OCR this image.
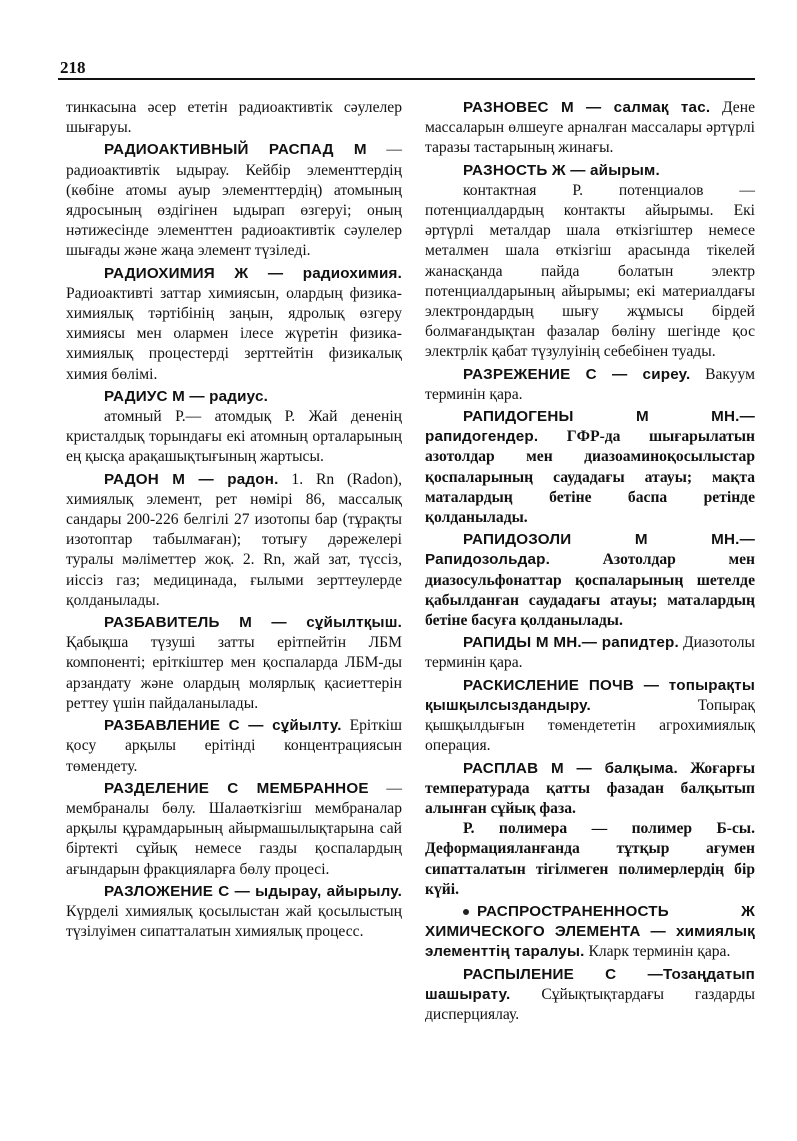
218

тинкасына әсер ететін радиоактивтік сәулелер шығаруы.

РАДИОАКТИВНЫЙ РАСПАД М — радиоактивтік ыдырау. Кейбір элементтердің (көбіне атомы ауыр элементтердің) атомының ядросының өздігінен ыдырап өзгеруі; оның нәтижесінде элементтен радиоактивтік сәулелер шығады және жаңа элемент түзіледі.

РАДИОХИМИЯ Ж — радиохимия. Радиоактивті заттар химиясын, олардың физика-химиялық тәртібінің заңын, ядролық өзгеру химиясы мен олармен ілесе жүретін физика-химиялық процестерді зерттейтін физикалық химия бөлімі.

РАДИУС М — радиус.

атомный Р.— атомдық Р. Жай дененің кристалдық торындағы екі атомның орталарының ең қысқа арақашықтығының жартысы.

РАДОН М — радон. 1. Rn (Radon), химиялық элемент, рет нөмірі 86, массалық сандары 200-226 белгілі 27 изотопы бар (тұрақты изотоптар табылмаған); тотығу дәрежелері туралы мәліметтер жоқ. 2. Rn, жай зат, түссіз, иіссіз газ; медицинада, ғылыми зерттеулерде қолданылады.

РАЗБАВИТЕЛЬ М — сұйылтқыш. Қабықша түзуші затты ерітпейтін ЛБМ компоненті; еріткіштер мен қоспаларда ЛБМ-ды арзандату және олардың молярлық қасиеттерін реттеу үшін пайдаланылады.

РАЗБАВЛЕНИЕ С — сұйылту. Еріткіш қосу арқылы ерітінді концентрациясын төмендету.

РАЗДЕЛЕНИЕ С МЕМБРАННОЕ — мембраналы бөлу. Шалаөткізгіш мембраналар арқылы құрамдарының айырмашылықтарына сай біртекті сұйық немесе газды қоспалардың ағындарын фракцияларға бөлу процесі.

РАЗЛОЖЕНИЕ С — ыдырау, айырылу. Күрделі химиялық қосылыстан жай қосылыстың түзілуімен сипатталатын химиялық процесс.

РАЗНОВЕС М — салмақ тас. Дене массаларын өлшеуге арналған массалары әртүрлі таразы тастарының жинағы.

РАЗНОСТЬ Ж — айырым.

контактная Р. потенциалов — потенциалдардың контакты айырымы. Екі әртүрлі металдар шала өткізгіштер немесе металмен шала өткізгіш арасында тікелей жанасқанда пайда болатын электр потенциалдарының айырымы; екі материалдағы электрондардың шығу жұмысы бірдей болмағандықтан фазалар бөлiну шегінде қос электрлік қабат түзулуінің себебінен туады.

РАЗРЕЖЕНИЕ С — сиреу. Вакуум терминін қара.

РАПИДОГЕНЫ М МН.— рапидогендер. ГФР-да шығарылатын азотолдар мен диазоаминоқосылыстар қоспаларының саудадағы атауы; мақта маталардың бетіне баспа ретінде қолданылады.

РАПИДОЗОЛИ М МН.— Рапидозольдар.	Азотолдар мен диазосульфонаттар қоспаларының шетелде қабылданған саудадағы атауы; маталардың бетіне басуға қолданылады.

РАПИДЫ М МН.— рапидтер. Диазотолы терминін қара.

РАСКИСЛЕНИЕ ПОЧВ — топырақты қышқылсыздандыру.	Топырақ қышқылдығын төмендететін агрохимиялық операция.

РАСПЛАВ М — балқыма. Жоғарғы температурада қатты фазадан балқытып алынған сұйық фаза.

Р. полимера — полимер Б-сы. Деформацияланғанда тұтқыр ағумен сипатталатын тігілмеген полимерлердің бір күйі.

РАСПРОСТРАНЕННОСТЬ Ж ХИМИЧЕСКОГО ЭЛЕМЕНТА — химиялық элементтің таралуы. Кларк терминін қара.

РАСПЫЛЕНИЕ С —Тозаңдатып шашырату. Сұйықтықтардағы газдарды дисперциялау.
